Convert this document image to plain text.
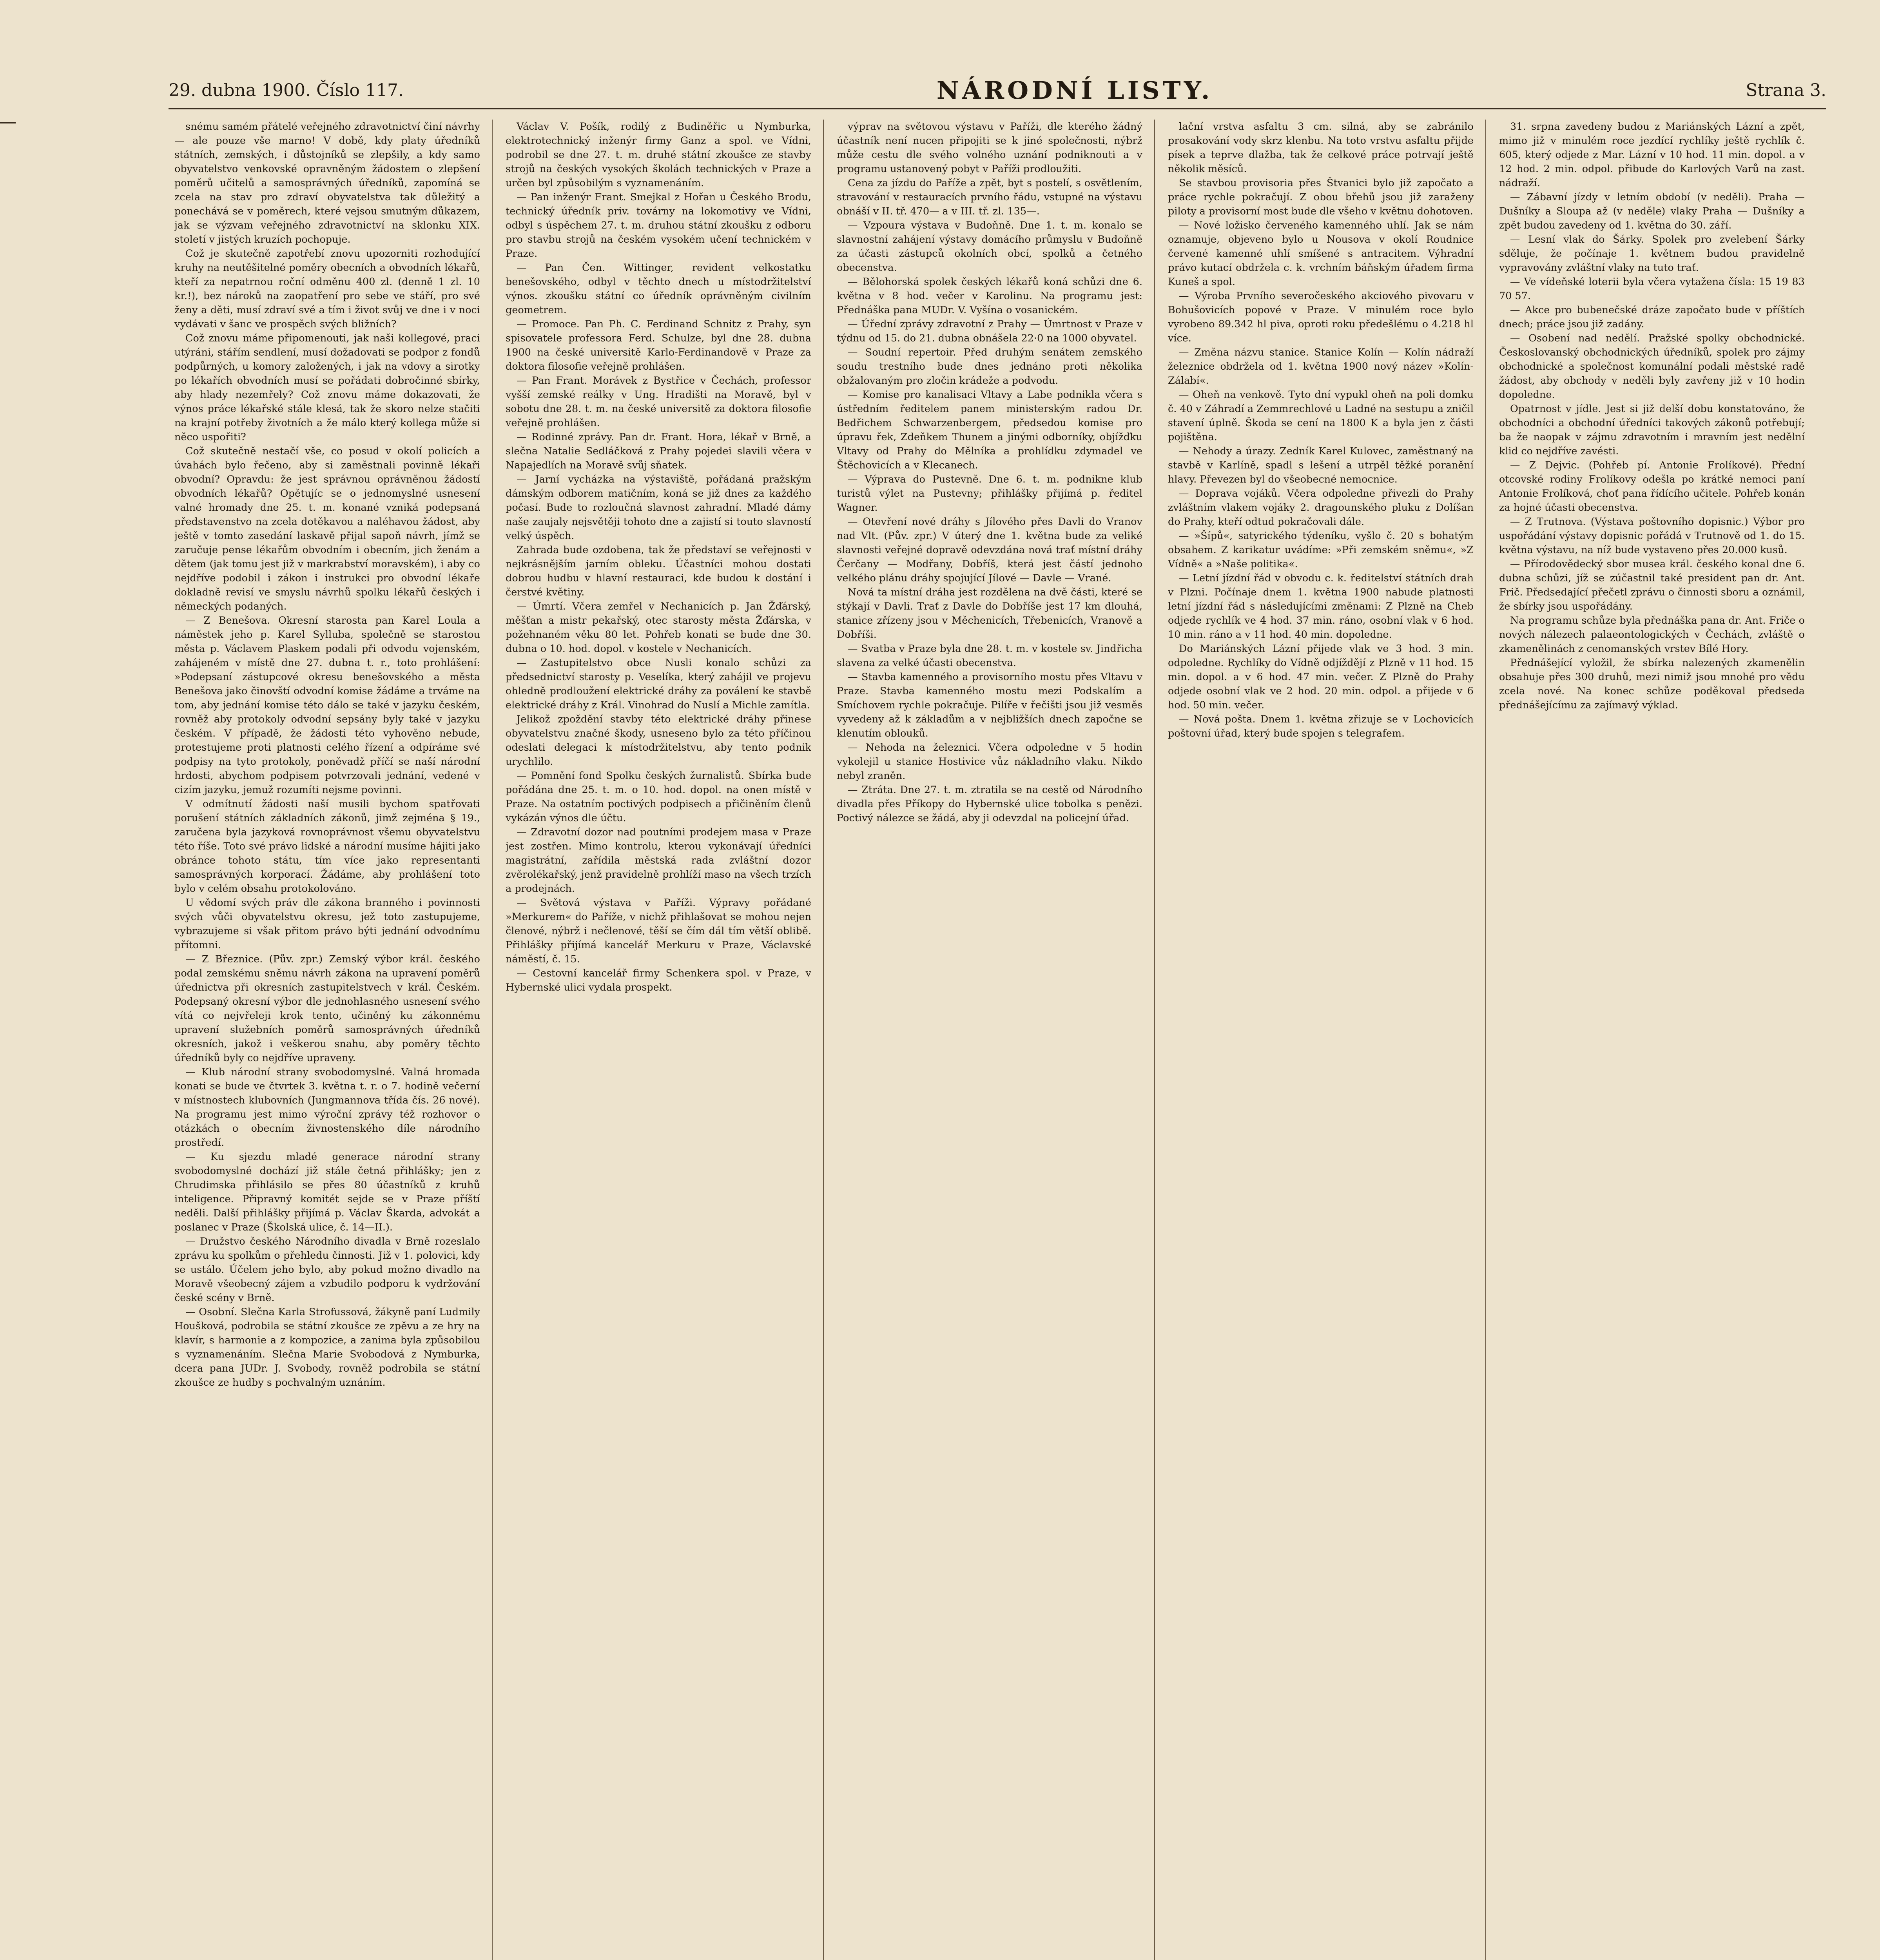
29. dubna 1900. Číslo 117.	NÁRODNÍ LISTY.	Strana 3.

snému samém přátelé veřejného zdravotnictví činí návrhy — ale pouze vše marno! V době, kdy platy úředníků státních, zemských, i důstojníků se zlepšily, a kdy samo obyvatelstvo venkovské opravněným žádostem o zlepšení poměrů učitelů a samosprávných úředníků, zapomíná se zcela na stav pro zdraví obyvatelstva tak důležitý a ponechává se v poměrech, které vejsou smutným důkazem, jak se výzvam veřejného zdravotnictví na sklonku XIX. století v jistých kruzích pochopuje.

Což je skutečně zapotřebí znovu upozorniti rozhodující kruhy na neutěšitelné poměry obecních a obvodních lékařů, kteří za nepatrnou roční odměnu 400 zl. (denně 1 zl. 10 kr.!), bez nároků na zaopatření pro sebe ve stáří, pro své ženy a děti, musí zdraví své a tím i život svůj ve dne i v noci vydávati v šanc ve prospěch svých bližních?

Což znovu máme připomenouti, jak naši kollegové, praci utýráni, stářím sendlení, musí dožadovati se podpor z fondů podpůrných, u komory založených, i jak na vdovy a sirotky po lékařích obvodních musí se pořádati dobročinné sbírky, aby hlady nezemřely? Což znovu máme dokazovati, že výnos práce lékařské stále klesá, tak že skoro nelze stačiti na krajní potřeby životních a že málo který kollega může si něco uspořiti?

Což skutečně nestačí vše, co posud v okolí policích a úvahách bylo řečeno, aby si zaměstnali povinně lékaři obvodní? Opravdu: že jest správnou oprávněnou žádostí obvodních lékařů? Opětujíc se o jednomyslné usnesení valné hromady dne 25. t. m. konané vzniká podepsaná představenstvo na zcela dotěkavou a naléhavou žádost, aby ještě v tomto zasedání laskavě přijal sapoň návrh, jímž se zaručuje pense lékařům obvodním i obecním, jich ženám a dětem (jak tomu jest již v markrabství moravském), i aby co nejdříve podobil i zákon i instrukci pro obvodní lékaře dokladně revisí ve smyslu návrhů spolku lékařů českých i německých podaných.

— Z Benešova. Okresní starosta pan Karel Loula a náměstek jeho p. Karel Sylluba, společně se starostou města p. Václavem Plaskem podali při odvodu vojenském, zahájeném v místě dne 27. dubna t. r., toto prohlášení: »Podepsaní zástupcové okresu benešovského a města Benešova jako činovští odvodní komise žádáme a trváme na tom, aby jednání komise této dálo se také v jazyku českém, rovněž aby protokoly odvodní sepsány byly také v jazyku českém. V případě, že žádosti této vyhověno nebude, protestujeme proti platnosti celého řízení a odpíráme své podpisy na tyto protokoly, poněvadž příčí se naší národní hrdosti, abychom podpisem potvrzovali jednání, vedené v cizím jazyku, jemuž rozumíti nejsme povinni.

V odmítnutí žádosti naší musili bychom spatřovati porušení státních základních zákonů, jimž zejména § 19., zaručena byla jazyková rovnoprávnost všemu obyvatelstvu této říše. Toto své právo lidské a národní musíme hájiti jako obránce tohoto státu, tím více jako representanti samosprávných korporací. Žádáme, aby prohlášení toto bylo v celém obsahu protokolováno.

U vědomí svých práv dle zákona branného i povinnosti svých vůči obyvatelstvu okresu, jež toto zastupujeme, vybrazujeme si však přitom právo býti jednání odvodnímu přítomni.

— Z Březnice. (Pův. zpr.) Zemský výbor král. českého podal zemskému sněmu návrh zákona na upravení poměrů úřednictva při okresních zastupitelstvech v král. Českém. Podepsaný okresní výbor dle jednohlasného usnesení svého vítá co nejvřeleji krok tento, učiněný ku zákonnému upravení služebních poměrů samosprávných úředníků okresních, jakož i veškerou snahu, aby poměry těchto úředníků byly co nejdříve upraveny.

— Klub národní strany svobodomyslné. Valná hromada konati se bude ve čtvrtek 3. května t. r. o 7. hodině večerní v místnostech klubovních (Jungmannova třída čís. 26 nové). Na programu jest mimo výroční zprávy též rozhovor o otázkách o obecním živnostenského díle národního prostředí.

— Ku sjezdu mladé generace národní strany svobodomyslné dochází již stále četná přihlášky; jen z Chrudimska přihlásilo se přes 80 účastníků z kruhů inteligence. Připravný komitét sejde se v Praze příští neděli. Další přihlášky přijímá p. Václav Škarda, advokát a poslanec v Praze (Školská ulice, č. 14—II.).

— Družstvo českého Národního divadla v Brně rozeslalo zprávu ku spolkům o přehledu činnosti. Již v 1. polovici, kdy se ustálo. Účelem jeho bylo, aby pokud možno divadlo na Moravě všeobecný zájem a vzbudilo podporu k vydržování české scény v Brně.

— Osobní. Slečna Karla Strofussová, žákyně paní Ludmily Houšková, podrobila se státní zkoušce ze zpěvu a ze hry na klavír, s harmonie a z kompozice, a zanima byla způsobilou s vyznamenáním. Slečna Marie Svobodová z Nymburka, dcera pana JUDr. J. Svobody, rovněž podrobila se státní zkoušce ze hudby s pochvalným uznáním.

Václav V. Pošík, rodilý z Budiněřic u Nymburka, elektrotechnický inženýr firmy Ganz a spol. ve Vídni, podrobil se dne 27. t. m. druhé státní zkoušce ze stavby strojů na českých vysokých školách technických v Praze a určen byl způsobilým s vyznamenáním.

— Pan inženýr Frant. Smejkal z Hořan u Českého Brodu, technický úředník priv. továrny na lokomotivy ve Vídni, odbyl s úspěchem 27. t. m. druhou státní zkoušku z odboru pro stavbu strojů na českém vysokém učení technickém v Praze.

— Pan Čen. Wittinger, revident velkostatku benešovského, odbyl v těchto dnech u místodržitelství výnos. zkoušku státní co úředník oprávněným civilním geometrem.

— Promoce. Pan Ph. C. Ferdinand Schnitz z Prahy, syn spisovatele professora Ferd. Schulze, byl dne 28. dubna 1900 na české universitě Karlo-Ferdinandově v Praze za doktora filosofie veřejně prohlášen.

— Pan Frant. Morávek z Bystřice v Čechách, professor vyšší zemské reálky v Ung. Hradišti na Moravě, byl v sobotu dne 28. t. m. na české universitě za doktora filosofie veřejně prohlášen.

— Rodinné zprávy. Pan dr. Frant. Hora, lékař v Brně, a slečna Natalie Sedláčková z Prahy pojedei slavili včera v Napajedlích na Moravě svůj sňatek.

— Jarní vycházka na výstaviště, pořádaná pražským dámským odborem matičním, koná se již dnes za každého počasí. Bude to rozloučná slavnost zahradní. Mladé dámy naše zaujaly nejsvětěji tohoto dne a zajistí si touto slavností velký úspěch.

Zahrada bude ozdobena, tak že představí se veřejnosti v nejkrásnějším jarním obleku. Účastníci mohou dostati dobrou hudbu v hlavní restauraci, kde budou k dostání i čerstvé květiny.

— Úmrtí. Včera zemřel v Nechanicích p. Jan Žďárský, měšťan a mistr pekařský, otec starosty města Žďárska, v požehnaném věku 80 let. Pohřeb konati se bude dne 30. dubna o 10. hod. dopol. v kostele v Nechanicích.

— Zastupitelstvo obce Nusli konalo schůzi za předsednictví starosty p. Veselíka, který zahájil ve projevu ohledně prodloužení elektrické dráhy za poválení ke stavbě elektrické dráhy z Král. Vinohrad do Nuslí a Michle zamítla.

Jelikož zpoždění stavby této elektrické dráhy přinese obyvatelstvu značné škody, usneseno bylo za této příčinou odeslati delegaci k místodržitelstvu, aby tento podnik urychlilo.

— Pomnění fond Spolku českých žurnalistů. Sbírka bude pořádána dne 25. t. m. o 10. hod. dopol. na onen místě v Praze. Na ostatním poctivých podpisech a přičiněním členů vykázán výnos dle účtu.

— Zdravotní dozor nad poutními prodejem masa v Praze jest zostřen. Mimo kontrolu, kterou vykonávají úředníci magistrátní, zařídila městská rada zvláštní dozor zvěrolékařský, jenž pravidelně prohlíží maso na všech trzích a prodejnách.

— Světová výstava v Paříži. Výpravy pořádané »Merkurem« do Paříže, v nichž přihlašovat se mohou nejen členové, nýbrž i nečlenové, těší se čím dál tím větší oblibě. Přihlášky přijímá kancelář Merkuru v Praze, Václavské náměstí, č. 15.

— Cestovní kancelář firmy Schenkera spol. v Praze, v Hybernské ulici vydala prospekt.

výprav na světovou výstavu v Paříži, dle kterého žádný účastník není nucen připojiti se k jiné společnosti, nýbrž může cestu dle svého volného uznání podniknouti a v programu ustanovený pobyt v Paříži prodloužiti.

Cena za jízdu do Paříže a zpět, byt s postelí, s osvětlením, stravování v restauracích prvního řádu, vstupné na výstavu obnáší v II. tř. 470— a v III. tř. zl. 135—.

— Vzpoura výstava v Budoňně. Dne 1. t. m. konalo se slavnostní zahájení výstavy domácího průmyslu v Budoňně za účasti zástupců okolních obcí, spolků a četného obecenstva.

— Bělohorská spolek českých lékařů koná schůzi dne 6. května v 8 hod. večer v Karolinu. Na programu jest: Přednáška pana MUDr. V. Vyšína o vosanickém.

— Úřední zprávy zdravotní z Prahy — Úmrtnost v Praze v týdnu od 15. do 21. dubna obnášela 22·0 na 1000 obyvatel.

— Soudní repertoir. Před druhým senátem zemského soudu trestního bude dnes jednáno proti několika obžalovaným pro zločin krádeže a podvodu.

— Komise pro kanalisaci Vltavy a Labe podnikla včera s ústředním ředitelem panem ministerským radou Dr. Bedřichem Schwarzenbergem, předsedou komise pro úpravu řek, Zdeňkem Thunem a jinými odborníky, objížďku Vltavy od Prahy do Mělníka a prohlídku zdymadel ve Štěchovicích a v Klecanech.

— Výprava do Pustevně. Dne 6. t. m. podnikne klub turistů výlet na Pustevny; přihlášky přijímá p. ředitel Wagner.

— Otevření nové dráhy s Jílového přes Davli do Vranov nad Vlt. (Pův. zpr.) V úterý dne 1. května bude za veliké slavnosti veřejné dopravě odevzdána nová trať místní dráhy Čerčany — Modřany, Dobříš, která jest částí jednoho velkého plánu dráhy spojující Jílové — Davle — Vrané.

Nová ta místní dráha jest rozdělena na dvě části, které se stýkají v Davli. Trať z Davle do Dobříše jest 17 km dlouhá, stanice zřízeny jsou v Měchenicích, Třebenicích, Vranově a Dobříši.

— Svatba v Praze byla dne 28. t. m. v kostele sv. Jindřicha slavena za velké účasti obecenstva.

— Stavba kamenného a provisorního mostu přes Vltavu v Praze. Stavba kamenného mostu mezi Podskalím a Smíchovem rychle pokračuje. Pilíře v řečišti jsou již vesměs vyvedeny až k základům a v nejbližších dnech započne se klenutím oblouků.

— Nehoda na železnici. Včera odpoledne v 5 hodin vykolejil u stanice Hostivice vůz nákladního vlaku. Nikdo nebyl zraněn.

— Ztráta. Dne 27. t. m. ztratila se na cestě od Národního divadla přes Příkopy do Hybernské ulice tobolka s penězi. Poctivý nálezce se žádá, aby ji odevzdal na policejní úřad.

lační vrstva asfaltu 3 cm. silná, aby se zabránilo prosakování vody skrz klenbu. Na toto vrstvu asfaltu přijde písek a teprve dlažba, tak že celkové práce potrvají ještě několik měsíců.

Se stavbou provisoria přes Štvanici bylo již započato a práce rychle pokračují. Z obou břehů jsou již zaraženy piloty a provisorní most bude dle všeho v květnu dohotoven.

— Nové ložisko červeného kamenného uhlí. Jak se nám oznamuje, objeveno bylo u Nousova v okolí Roudnice červené kamenné uhlí smíšené s antracitem. Výhradní právo kutací obdržela c. k. vrchním báňským úřadem firma Kuneš a spol.

— Výroba Prvního severočeského akciového pivovaru v Bohušovicích popové v Praze. V minulém roce bylo vyrobeno 89.342 hl piva, oproti roku předešlému o 4.218 hl více.

— Změna názvu stanice. Stanice Kolín — Kolín nádraží železnice obdržela od 1. května 1900 nový název »Kolín-Zálabí«.

— Oheň na venkově. Tyto dní vypukl oheň na poli domku č. 40 v Záhradí a Zemmrechlové u Ladné na sestupu a zničil stavení úplně. Škoda se cení na 1800 K a byla jen z části pojištěna.

— Nehody a úrazy. Zedník Karel Kulovec, zaměstnaný na stavbě v Karlíně, spadl s lešení a utrpěl těžké poranění hlavy. Převezen byl do všeobecné nemocnice.

— Doprava vojáků. Včera odpoledne přivezli do Prahy zvláštním vlakem vojáky 2. dragounského pluku z Dolíšan do Prahy, kteří odtud pokračovali dále.

— »Šípů«, satyrického týdeníku, vyšlo č. 20 s bohatým obsahem. Z karikatur uvádíme: »Při zemském sněmu«, »Z Vídně« a »Naše politika«.

— Letní jízdní řád v obvodu c. k. ředitelství státních drah v Plzni. Počínaje dnem 1. května 1900 nabude platnosti letní jízdní řád s následujícími změnami: Z Plzně na Cheb odjede rychlík ve 4 hod. 37 min. ráno, osobní vlak v 6 hod. 10 min. ráno a v 11 hod. 40 min. dopoledne.

Do Mariánských Lázní přijede vlak ve 3 hod. 3 min. odpoledne. Rychlíky do Vídně odjíždějí z Plzně v 11 hod. 15 min. dopol. a v 6 hod. 47 min. večer. Z Plzně do Prahy odjede osobní vlak ve 2 hod. 20 min. odpol. a přijede v 6 hod. 50 min. večer.

— Nová pošta. Dnem 1. května zřizuje se v Lochovicích poštovní úřad, který bude spojen s telegrafem.

31. srpna zavedeny budou z Mariánských Lázní a zpět, mimo již v minulém roce jezdící rychlíky ještě rychlík č. 605, který odjede z Mar. Lázní v 10 hod. 11 min. dopol. a v 12 hod. 2 min. odpol. přibude do Karlových Varů na zast. nádraží.

— Zábavní jízdy v letním období (v neděli). Praha — Dušníky a Sloupa až (v neděle) vlaky Praha — Dušníky a zpět budou zavedeny od 1. května do 30. září.

— Lesní vlak do Šárky. Spolek pro zvelebení Šárky sděluje, že počínaje 1. květnem budou pravidelně vypravovány zvláštní vlaky na tuto trať.

— Ve vídeňské loterii byla včera vytažena čísla: 15 19 83 70 57.

— Akce pro bubenečské dráze započato bude v příštích dnech; práce jsou již zadány.

— Osobení nad nedělí. Pražské spolky obchodnické. Českoslovanský obchodnických úředníků, spolek pro zájmy obchodnické a společnost komunální podali městské radě žádost, aby obchody v neděli byly zavřeny již v 10 hodin dopoledne.

Opatrnost v jídle. Jest si již delší dobu konstatováno, že obchodníci a obchodní úředníci takových zákonů potřebují; ba že naopak v zájmu zdravotním i mravním jest nedělní klid co nejdříve zavésti.

— Z Dejvic. (Pohřeb pí. Antonie Frolíkové). Přední otcovské rodiny Frolíkovy odešla po krátké nemoci paní Antonie Frolíková, choť pana řídícího učitele. Pohřeb konán za hojné účasti obecenstva.

— Z Trutnova. (Výstava poštovního dopisnic.) Výbor pro uspořádání výstavy dopisnic pořádá v Trutnově od 1. do 15. května výstavu, na níž bude vystaveno přes 20.000 kusů.

— Přírodovědecký sbor musea král. českého konal dne 6. dubna schůzi, jíž se zúčastnil také president pan dr. Ant. Frič. Předsedající přečetl zprávu o činnosti sboru a oznámil, že sbírky jsou uspořádány.

Na programu schůze byla přednáška pana dr. Ant. Friče o nových nálezech palaeontologických v Čechách, zvláště o zkamenělinách z cenomanských vrstev Bílé Hory.

Přednášející vyložil, že sbírka nalezených zkamenělin obsahuje přes 300 druhů, mezi nimiž jsou mnohé pro vědu zcela nové. Na konec schůze poděkoval předseda přednášejícímu za zajímavý výklad.
